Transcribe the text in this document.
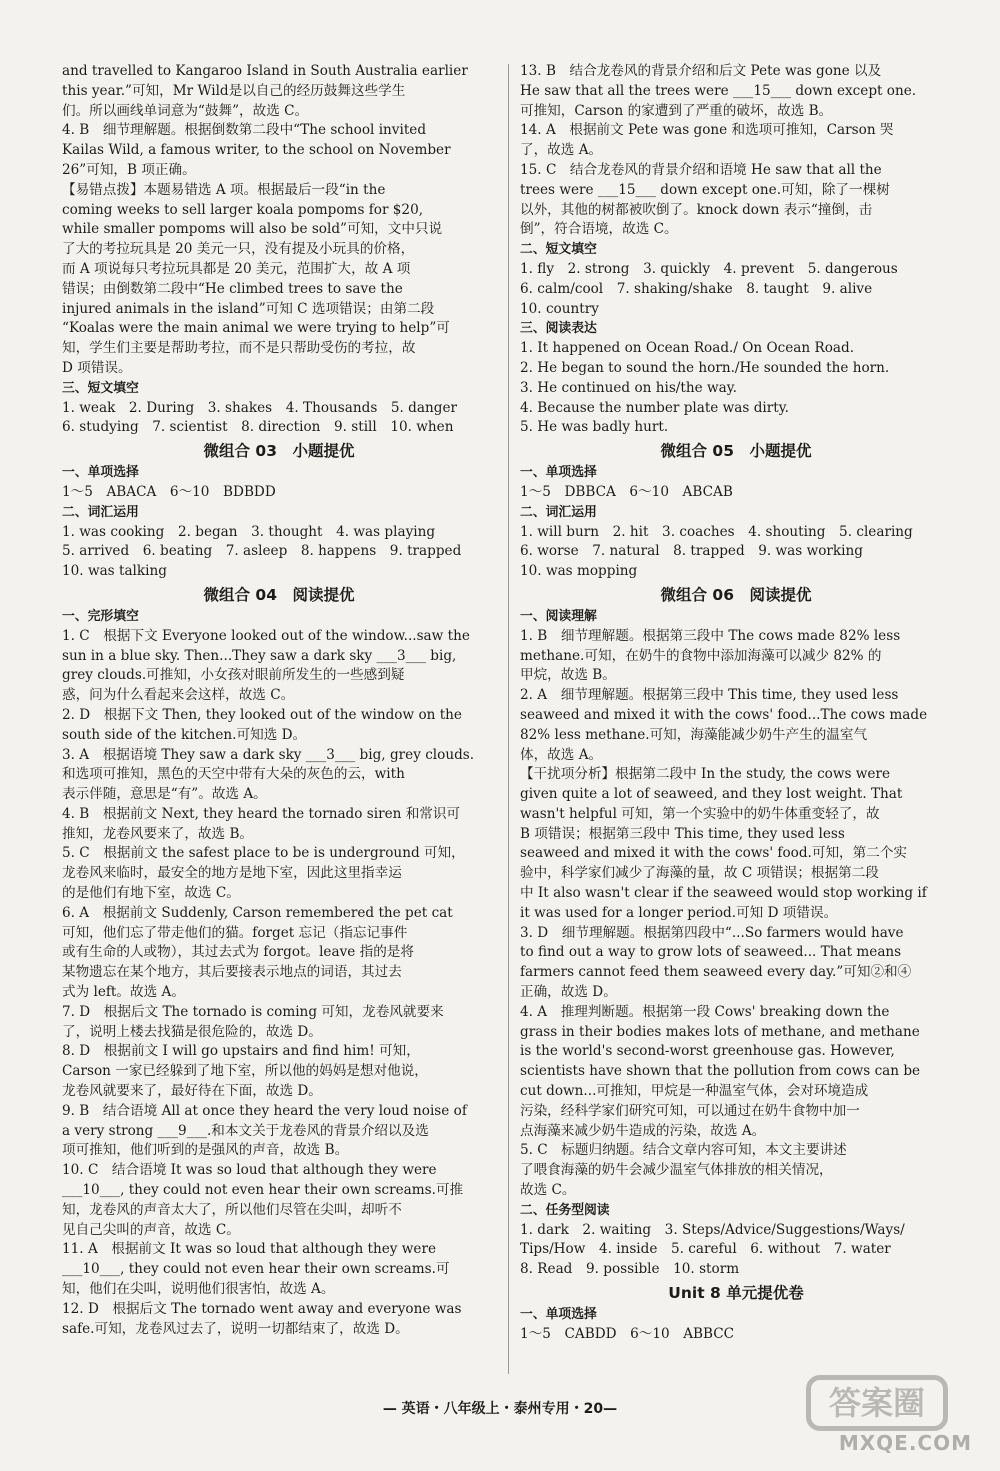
and travelled to Kangaroo Island in South Australia earlier
this year.”可知，Mr Wild是以自己的经历鼓舞这些学生
们。所以画线单词意为“鼓舞”，故选 C。
4. B　细节理解题。根据倒数第二段中“The school invited
Kailas Wild, a famous writer, to the school on November
26”可知，B 项正确。
【易错点拨】本题易错选 A 项。根据最后一段“in the
coming weeks to sell larger koala pompoms for $20,
while smaller pompoms will also be sold”可知，文中只说
了大的考拉玩具是 20 美元一只，没有提及小玩具的价格，
而 A 项说每只考拉玩具都是 20 美元，范围扩大，故 A 项
错误；由倒数第二段中“He climbed trees to save the
injured animals in the island”可知 C 选项错误；由第二段
“Koalas were the main animal we were trying to help”可
知，学生们主要是帮助考拉，而不是只帮助受伤的考拉，故
D 项错误。
三、短文填空
1. weak　2. During　3. shakes　4. Thousands　5. danger
6. studying　7. scientist　8. direction　9. still　10. when
微组合 03　小题提优
一、单项选择
1～5　ABACA　6～10　BDBDD
二、词汇运用
1. was cooking　2. began　3. thought　4. was playing
5. arrived　6. beating　7. asleep　8. happens　9. trapped
10. was talking
微组合 04　阅读提优
一、完形填空
1. C　根据下文 Everyone looked out of the window...saw the
sun in a blue sky. Then...They saw a dark sky ___3___ big,
grey clouds.可推知，小女孩对眼前所发生的一些感到疑
惑，问为什么看起来会这样，故选 C。
2. D　根据下文 Then, they looked out of the window on the
south side of the kitchen.可知选 D。
3. A　根据语境 They saw a dark sky ___3___ big, grey clouds.
和选项可推知，黑色的天空中带有大朵的灰色的云，with
表示伴随，意思是“有”。故选 A。
4. B　根据前文 Next, they heard the tornado siren 和常识可
推知，龙卷风要来了，故选 B。
5. C　根据前文 the safest place to be is underground 可知，
龙卷风来临时，最安全的地方是地下室，因此这里指幸运
的是他们有地下室，故选 C。
6. A　根据前文 Suddenly, Carson remembered the pet cat
可知，他们忘了带走他们的猫。forget 忘记（指忘记事件
或有生命的人或物），其过去式为 forgot。leave 指的是将
某物遗忘在某个地方，其后要接表示地点的词语，其过去
式为 left。故选 A。
7. D　根据后文 The tornado is coming 可知，龙卷风就要来
了，说明上楼去找猫是很危险的，故选 D。
8. D　根据前文 I will go upstairs and find him! 可知，
Carson 一家已经躲到了地下室，所以他的妈妈是想对他说，
龙卷风就要来了，最好待在下面，故选 D。
9. B　结合语境 All at once they heard the very loud noise of
a very strong ___9___.和本文关于龙卷风的背景介绍以及选
项可推知，他们听到的是强风的声音，故选 B。
10. C　结合语境 It was so loud that although they were
___10___, they could not even hear their own screams.可推
知，龙卷风的声音太大了，所以他们尽管在尖叫，却听不
见自己尖叫的声音，故选 C。
11. A　根据前文 It was so loud that although they were
___10___, they could not even hear their own screams.可
知，他们在尖叫，说明他们很害怕，故选 A。
12. D　根据后文 The tornado went away and everyone was
safe.可知，龙卷风过去了，说明一切都结束了，故选 D。
13. B　结合龙卷风的背景介绍和后文 Pete was gone 以及
He saw that all the trees were ___15___ down except one.
可推知，Carson 的家遭到了严重的破坏，故选 B。
14. A　根据前文 Pete was gone 和选项可推知，Carson 哭
了，故选 A。
15. C　结合龙卷风的背景介绍和语境 He saw that all the
trees were ___15___ down except one.可知，除了一棵树
以外，其他的树都被吹倒了。knock down 表示“撞倒，击
倒”，符合语境，故选 C。
二、短文填空
1. fly　2. strong　3. quickly　4. prevent　5. dangerous
6. calm/cool　7. shaking/shake　8. taught　9. alive
10. country
三、阅读表达
1. It happened on Ocean Road./ On Ocean Road.
2. He began to sound the horn./He sounded the horn.
3. He continued on his/the way.
4. Because the number plate was dirty.
5. He was badly hurt.
微组合 05　小题提优
一、单项选择
1～5　DBBCA　6～10　ABCAB
二、词汇运用
1. will burn　2. hit　3. coaches　4. shouting　5. clearing
6. worse　7. natural　8. trapped　9. was working
10. was mopping
微组合 06　阅读提优
一、阅读理解
1. B　细节理解题。根据第三段中 The cows made 82% less
methane.可知，在奶牛的食物中添加海藻可以减少 82% 的
甲烷，故选 B。
2. A　细节理解题。根据第三段中 This time, they used less
seaweed and mixed it with the cows' food...The cows made
82% less methane.可知，海藻能减少奶牛产生的温室气
体，故选 A。
【干扰项分析】根据第二段中 In the study, the cows were
given quite a lot of seaweed, and they lost weight. That
wasn't helpful 可知，第一个实验中的奶牛体重变轻了，故
B 项错误；根据第三段中 This time, they used less
seaweed and mixed it with the cows' food.可知，第二个实
验中，科学家们减少了海藻的量，故 C 项错误；根据第二段
中 It also wasn't clear if the seaweed would stop working if
it was used for a longer period.可知 D 项错误。
3. D　细节理解题。根据第四段中“...So farmers would have
to find out a way to grow lots of seaweed... That means
farmers cannot feed them seaweed every day.”可知②和④
正确，故选 D。
4. A　推理判断题。根据第一段 Cows' breaking down the
grass in their bodies makes lots of methane, and methane
is the world's second-worst greenhouse gas. However,
scientists have shown that the pollution from cows can be
cut down...可推知，甲烷是一种温室气体，会对环境造成
污染，经科学家们研究可知，可以通过在奶牛食物中加一
点海藻来减少奶牛造成的污染，故选 A。
5. C　标题归纳题。结合文章内容可知，本文主要讲述
了喂食海藻的奶牛会减少温室气体排放的相关情况，
故选 C。
二、任务型阅读
1. dark　2. waiting　3. Steps/Advice/Suggestions/Ways/
Tips/How　4. inside　5. careful　6. without　7. water
8. Read　9. possible　10. storm
Unit 8 单元提优卷
一、单项选择
1～5　CABDD　6～10　ABBCC
— 英语・八年级上・泰州专用・20—	答案圈
MXQE.COM
